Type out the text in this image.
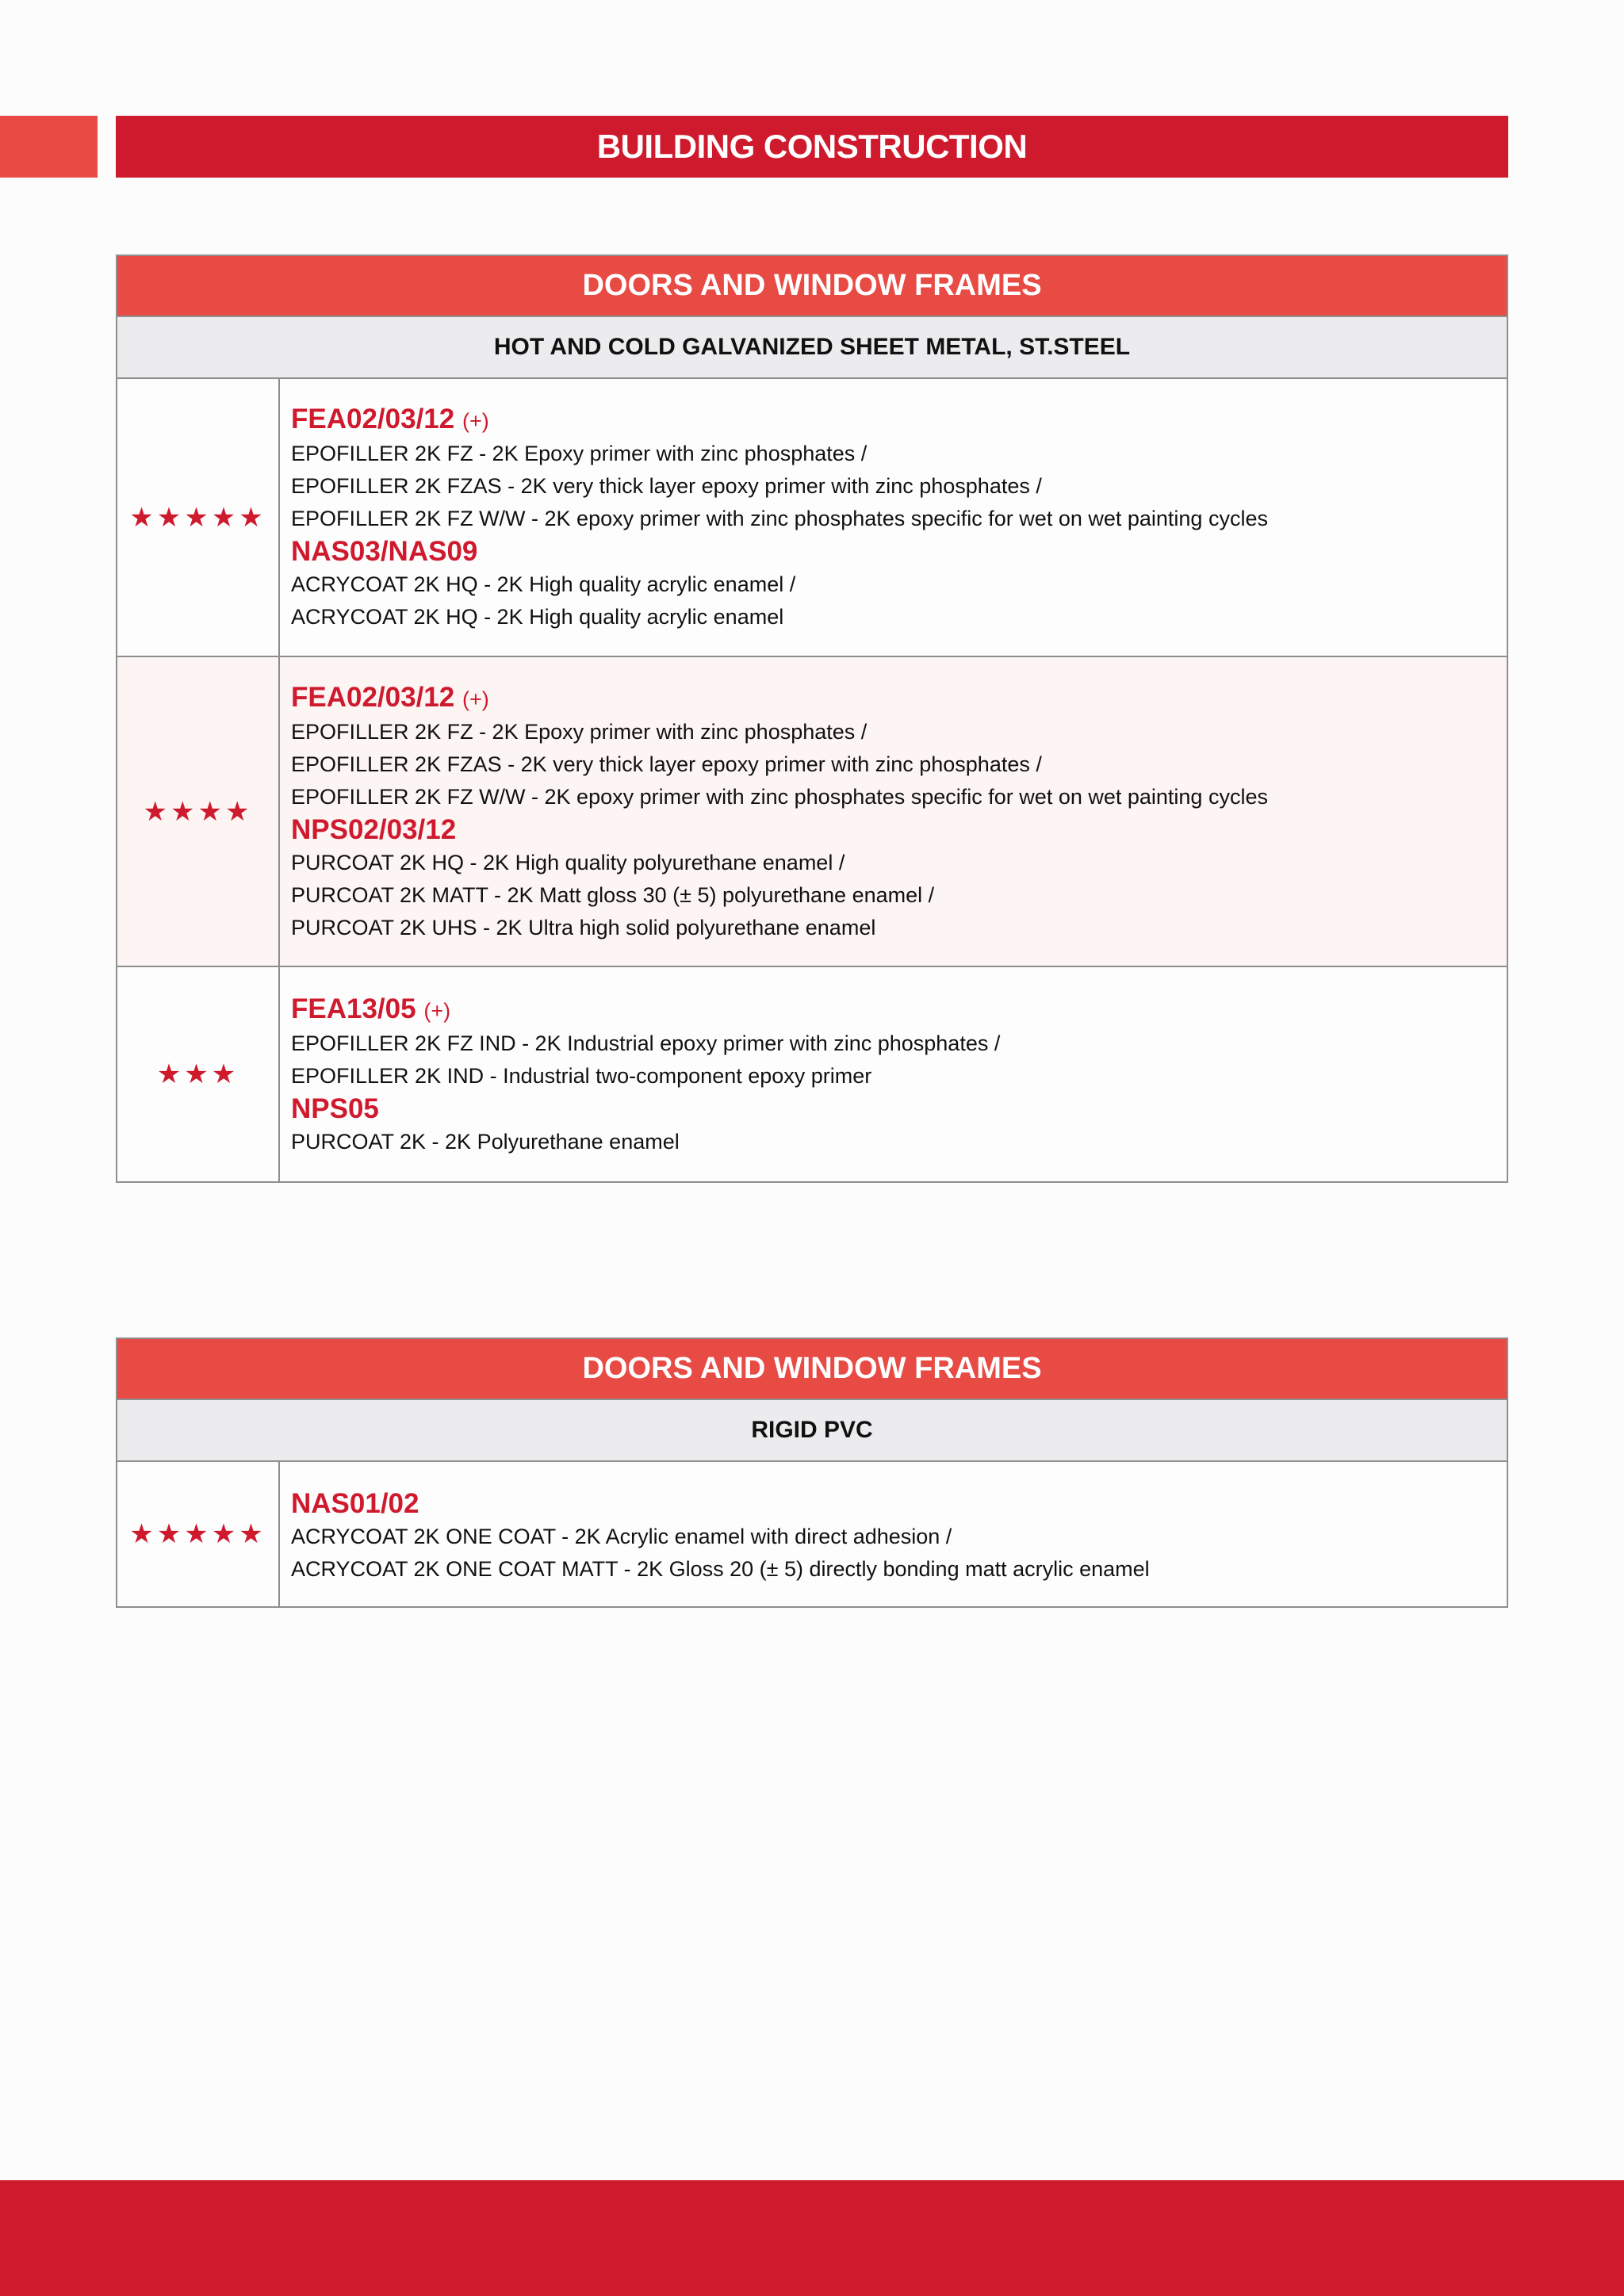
BUILDING CONSTRUCTION
DOORS AND WINDOW FRAMES
HOT AND COLD GALVANIZED SHEET METAL, ST.STEEL
★★★★★
FEA02/03/12 (+)
EPOFILLER 2K FZ - 2K Epoxy primer with zinc phosphates /
EPOFILLER 2K FZAS - 2K very thick layer epoxy primer with zinc phosphates /
EPOFILLER 2K FZ W/W - 2K epoxy primer with zinc phosphates specific for wet on wet painting cycles
NAS03/NAS09
ACRYCOAT 2K HQ - 2K High quality acrylic enamel /
ACRYCOAT 2K HQ - 2K High quality acrylic enamel
★★★★
FEA02/03/12 (+)
EPOFILLER 2K FZ - 2K Epoxy primer with zinc phosphates /
EPOFILLER 2K FZAS - 2K very thick layer epoxy primer with zinc phosphates /
EPOFILLER 2K FZ W/W - 2K epoxy primer with zinc phosphates specific for wet on wet painting cycles
NPS02/03/12
PURCOAT 2K HQ - 2K High quality polyurethane enamel /
PURCOAT 2K MATT - 2K Matt gloss 30 (± 5) polyurethane enamel /
PURCOAT 2K UHS - 2K Ultra high solid polyurethane enamel
★★★
FEA13/05 (+)
EPOFILLER 2K FZ IND - 2K Industrial epoxy primer with zinc phosphates /
EPOFILLER 2K IND - Industrial two-component epoxy primer
NPS05
PURCOAT 2K - 2K Polyurethane enamel
DOORS AND WINDOW FRAMES
RIGID PVC
★★★★★
NAS01/02
ACRYCOAT 2K ONE COAT - 2K Acrylic enamel with direct adhesion /
ACRYCOAT 2K ONE COAT MATT - 2K Gloss 20 (± 5) directly bonding matt acrylic enamel
